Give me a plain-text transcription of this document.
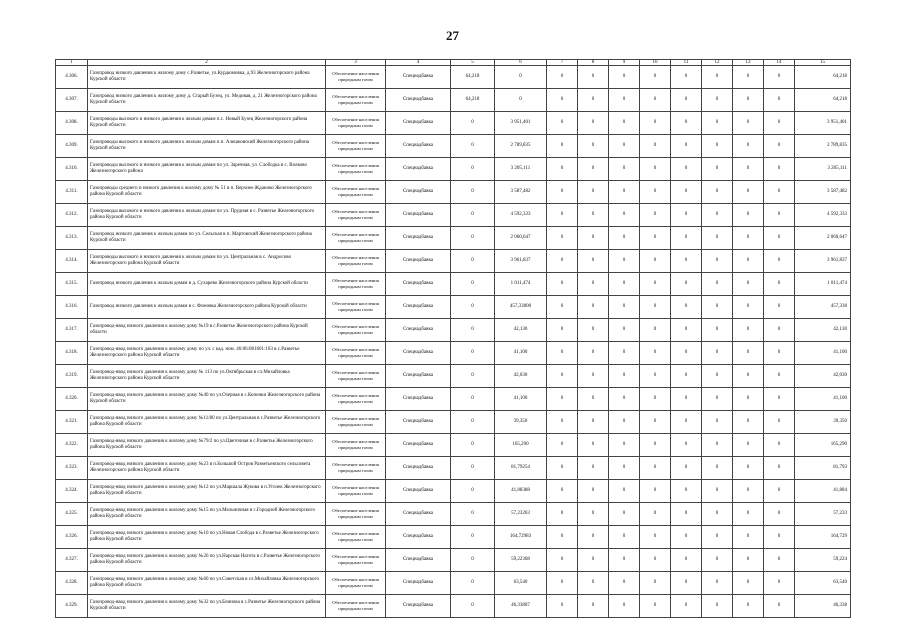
27
1	2	3	4	5	6	7	8	9	10	11	12	13	14	15
4.306.	Газопровод низкого давления к жилому дому с.Разветье, ул.Курдюмовка, д.93 Железногорского района Курской области	Обеспечение населения природным газом	Спецнадбавка	64,218	0	0	0	0	0	0	0	0	0	64,218
4.307.	Газопровод низкого давления к жилому дому д. Старый Бузец, ул. Медовая, д. 21 Железногорского района Курской области	Обеспечение населения природным газом	Спецнадбавка	64,218	0	0	0	0	0	0	0	0	0	64,218
4.308.	Газопроводы высокого и низкого давления к жилым домам п.с. Новый Бузец Железногорского района Курской области	Обеспечение населения природным газом	Спецнадбавка	0	3 951,401	0	0	0	0	0	0	0	0	3 951,401
4.309.	Газопроводы высокого и низкого давления к жилым домам п.п. Алешковский Железногорского района Курской области	Обеспечение населения природным газом	Спецнадбавка	0	2 789,835	0	0	0	0	0	0	0	0	2 789,835
4.310.	Газопроводы высокого и низкого давления к жилым домам по ул. Заречная, ул. Слободка в с. Волково Железногорского района	Обеспечение населения природным газом	Спецнадбавка	0	3 205,111	0	0	0	0	0	0	0	0	3 205,111
4.311.	Газопроводы среднего и низкого давления к жилому дому № 51 в п. Верхнее Жданово Железногорского района Курской области	Обеспечение населения природным газом	Спецнадбавка	0	3 587,482	0	0	0	0	0	0	0	0	3 587,482
4.312.	Газопроводы высокого и низкого давления к жилым домам по ул. Прудная в с. Разветье Железногорского района Курской области	Обеспечение населения природным газом	Спецнадбавка	0	4 592,333	0	0	0	0	0	0	0	0	4 592,333
4.313.	Газопровод низкого давления к жилым домам по ул. Сельская в п. Мартовский Железногорского района Курской области	Обеспечение населения природным газом	Спецнадбавка	0	2 060,647	0	0	0	0	0	0	0	0	2 060,647
4.314.	Газопроводы высокого и низкого давления к жилым домам по ул. Центральная в с. Андросово Железногорского района Курской области	Обеспечение населения природным газом	Спецнадбавка	0	3 961,837	0	0	0	0	0	0	0	0	3 961,837
4.315.	Газопровод низкого давления к жилым домам в д. Сухарево Железногорского района Курской области	Обеспечение населения природным газом	Спецнадбавка	0	1 011,474	0	0	0	0	0	0	0	0	1 011,474
4.316.	Газопровод низкого давления к жилым домам в с. Фомовка Железногорского района Курской области	Обеспечение населения природным газом	Спецнадбавка	0	457,33800	0	0	0	0	0	0	0	0	457,338
4.317.	Газопровод-ввод низкого давления к жилому дому №19 в с.Разветье Железногорского района Курской области	Обеспечение населения природным газом	Спецнадбавка	0	42,130	0	0	0	0	0	0	0	0	42,130
4.318.	Газопровод-ввод низкого давления к жилому дому по ул. с кад. ном. 46:06:081601:103 в с.Разветье Железногорского района Курской области	Обеспечение населения природным газом	Спецнадбавка	0	41,100	0	0	0	0	0	0	0	0	41,100
4.319.	Газопровод-ввод низкого давления к жилому дому № 113 по ул.Октябрьская в сл.Михайловка Железногорского района Курской области	Обеспечение населения природным газом	Спецнадбавка	0	42,030	0	0	0	0	0	0	0	0	42,030
4.320.	Газопровод-ввод низкого давления к жилому дому №40 по ул.Озерная в с.Копенки Железногорского района Курской области	Обеспечение населения природным газом	Спецнадбавка	0	41,100	0	0	0	0	0	0	0	0	41,100
4.321.	Газопровод-ввод низкого давления к жилому дому №11/80 по ул.Центральная в с.Разветье Железногорского района Курской области	Обеспечение населения природным газом	Спецнадбавка	0	39,350	0	0	0	0	0	0	0	0	39,350
4.322.	Газопровод-ввод низкого давления к жилому дому №79/2 по ул.Цветочная в с.Разветье Железногорского района Курской области	Обеспечение населения природным газом	Спецнадбавка	0	165,290	0	0	0	0	0	0	0	0	165,290
4.323.	Газопровод-ввод низкого давления к жилому дому №23 в п.Большой Остров Разветьевского сельсовета Железногорского района Курской области	Обеспечение населения природным газом	Спецнадбавка	0	81,79254	0	0	0	0	0	0	0	0	81,793
4.324.	Газопровод-ввод низкого давления к жилому дому №12 по ул.Маршала Жукова в п.Уголек Железногорского района Курской области	Обеспечение населения природным газом	Спецнадбавка	0	41,88388	0	0	0	0	0	0	0	0	41,884
4.325.	Газопровод-ввод низкого давления к жилому дому №15 по ул.Мельничная в с.Городной Железногорского района Курской области	Обеспечение населения природным газом	Спецнадбавка	0	57,23263	0	0	0	0	0	0	0	0	57,233
4.326.	Газопровод-ввод низкого давления к жилому дому №10 по ул.Новая Слобода в с.Разветье Железногорского района Курской области	Обеспечение населения природным газом	Спецнадбавка	0	164,72983	0	0	0	0	0	0	0	0	164,729
4.327.	Газопровод-ввод низкого давления к жилому дому №26 по ул.Нарская Нагота в с.Разветье Железногорского района Курской области	Обеспечение населения природным газом	Спецнадбавка	0	59,22368	0	0	0	0	0	0	0	0	59,224
4.328.	Газопровод-ввод низкого давления к жилому дому №60 по ул.Советская в сл.Михайловка Железногорского района Курской области	Обеспечение населения природным газом	Спецнадбавка	0	63,540	0	0	0	0	0	0	0	0	63,540
4.329.	Газопровод-ввод низкого давления к жилому дому №32 по ул.Блинова в с.Разветье Железногорского района Курской области	Обеспечение населения природным газом	Спецнадбавка	0	46,33807	0	0	0	0	0	0	0	0	46,338
